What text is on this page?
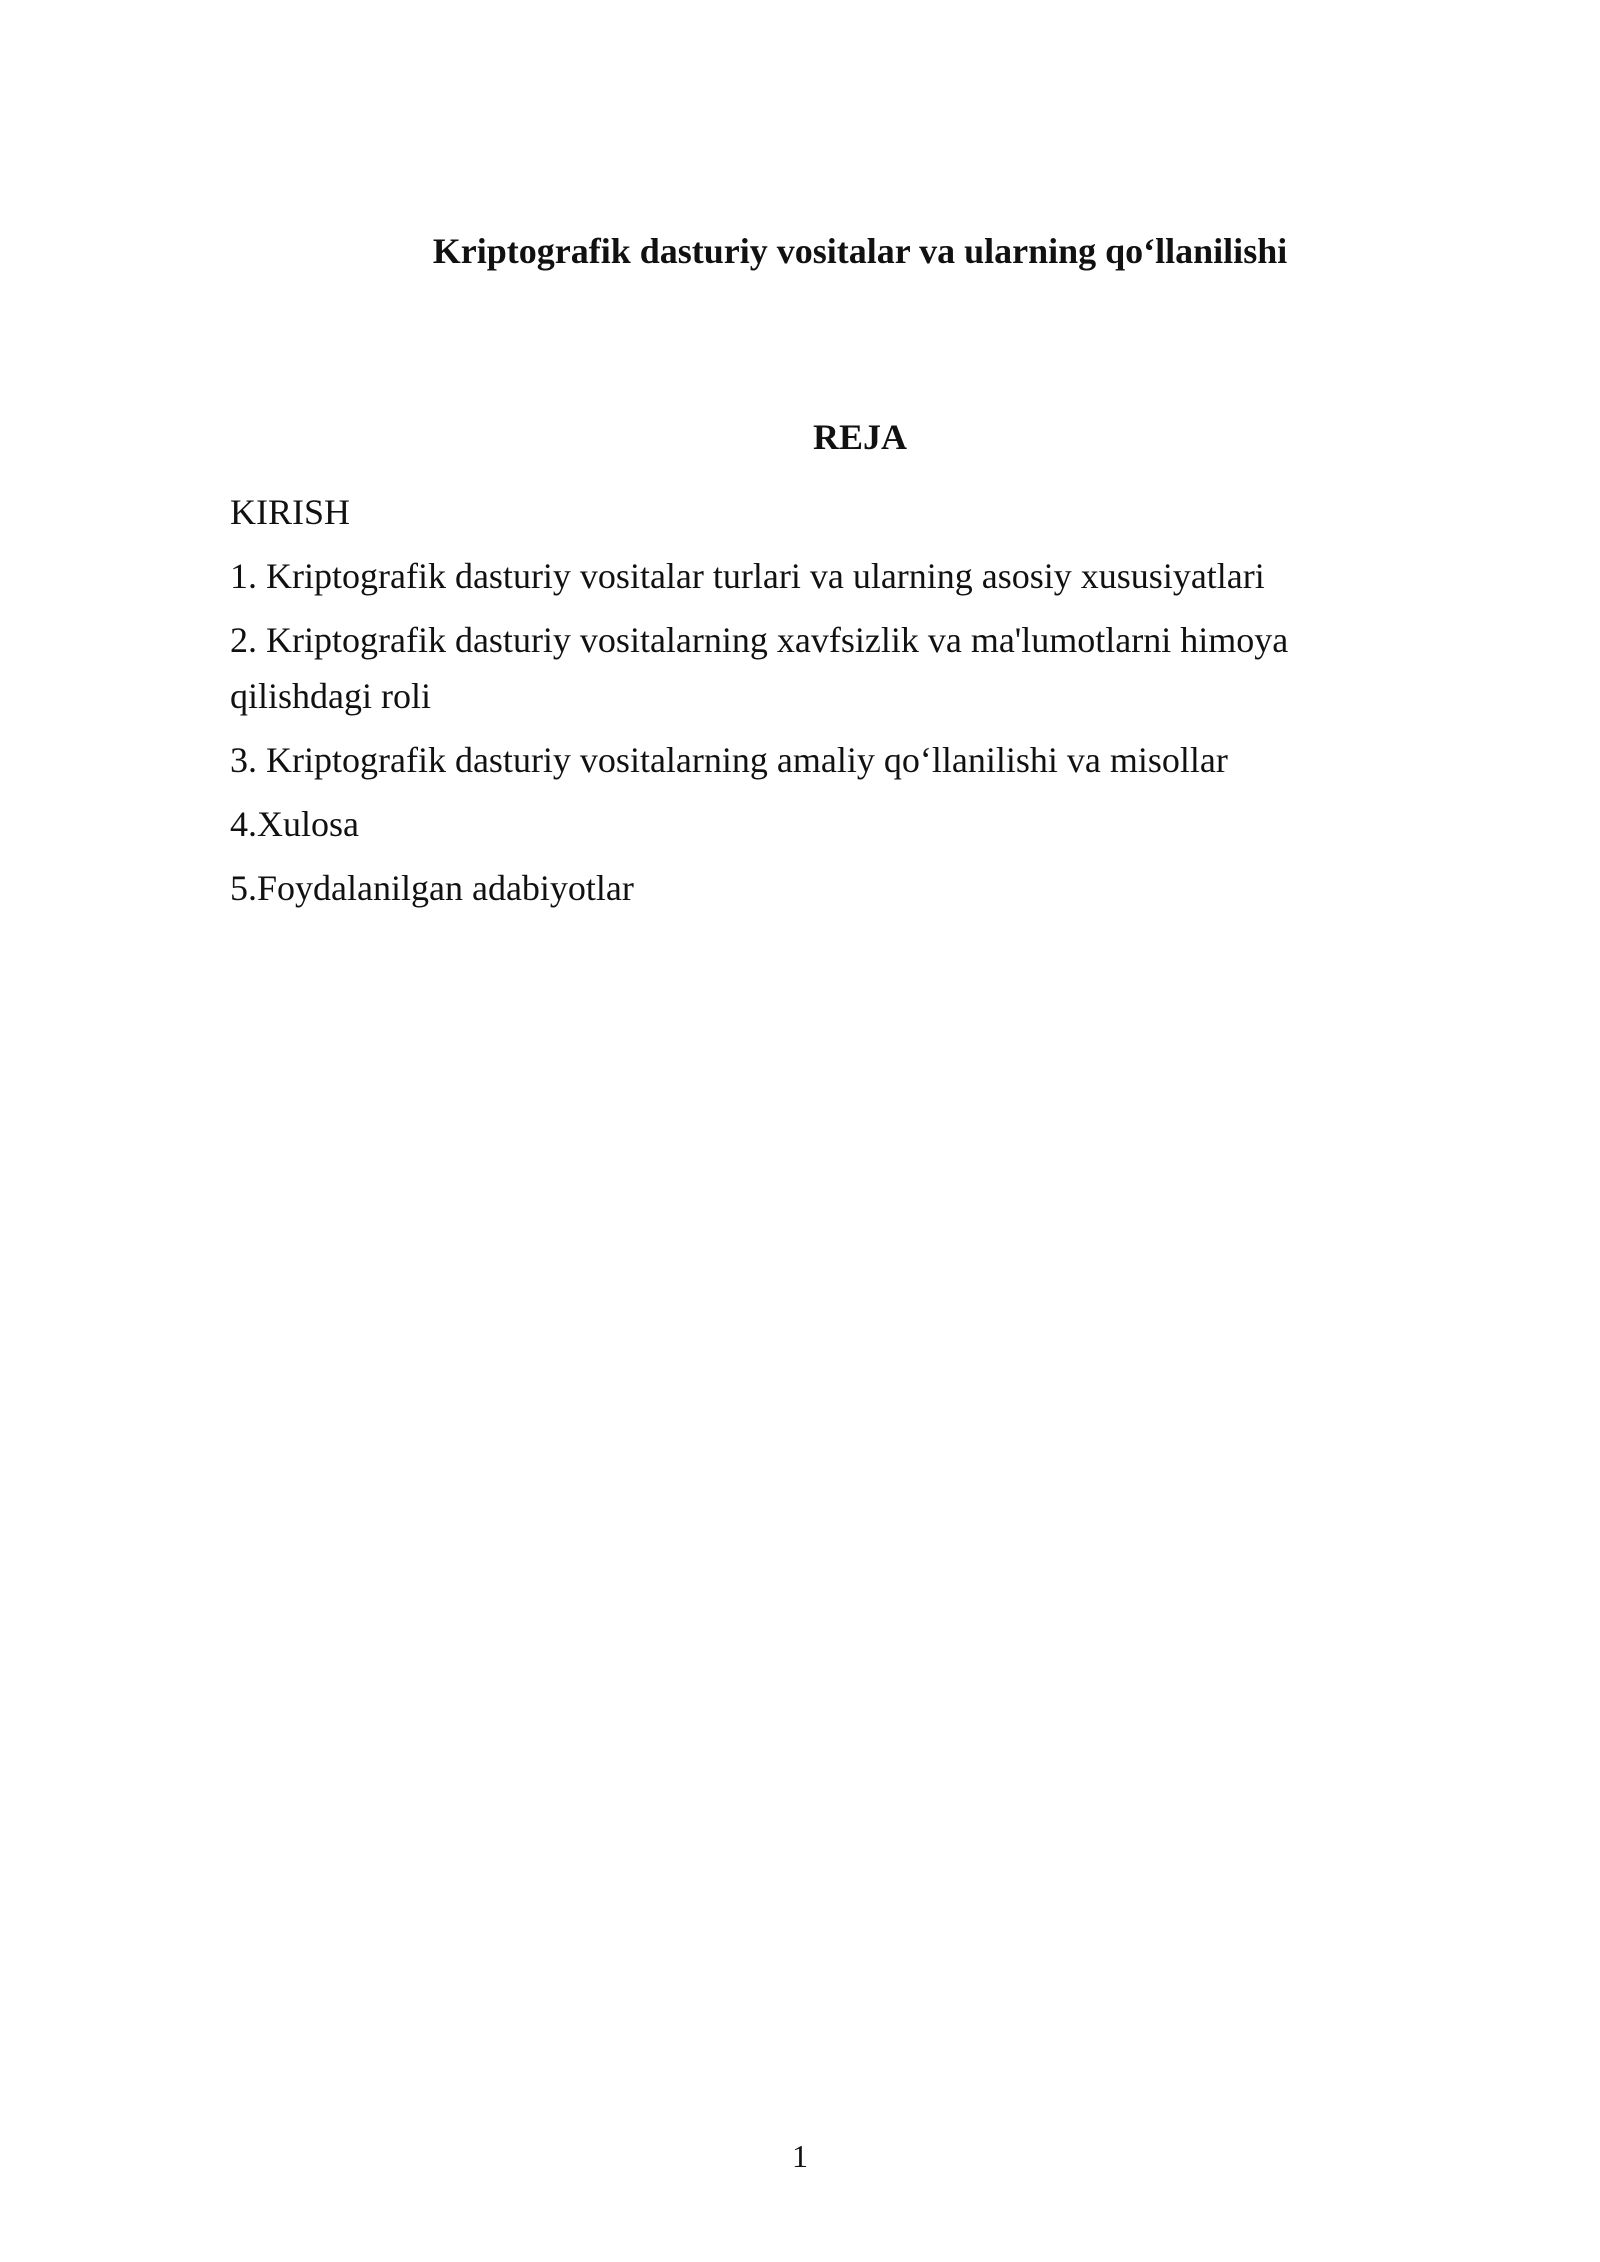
Kriptografik dasturiy vositalar va ularning qo‘llanilishi
REJA
KIRISH
1. Kriptografik dasturiy vositalar turlari va ularning asosiy xususiyatlari
2. Kriptografik dasturiy vositalarning xavfsizlik va ma'lumotlarni himoya qilishdagi roli
3. Kriptografik dasturiy vositalarning amaliy qo‘llanilishi va misollar
4.Xulosa
5.Foydalanilgan adabiyotlar
1
